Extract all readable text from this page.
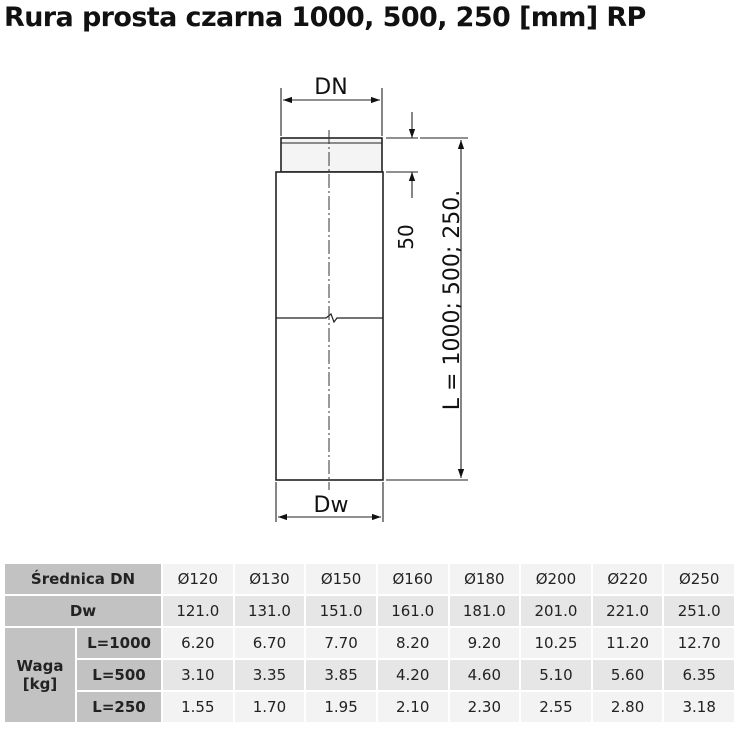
Rura prosta czarna 1000, 500, 250 [mm] RP
DN
Dw
50 L = 1000; 500; 250.
Średnica DN		Ø120	Ø130	Ø150	Ø160	Ø180	Ø200	Ø220	Ø250
Dw		121.0	131.0	151.0	161.0	181.0	201.0	221.0	251.0

Waga
[kg]	L=1000	6.20	6.70	7.70	8.20	9.20	10.25	11.20	12.70
	L=500	3.10	3.35	3.85	4.20	4.60	5.10	5.60	6.35
	L=250	1.55	1.70	1.95	2.10	2.30	2.55	2.80	3.18
